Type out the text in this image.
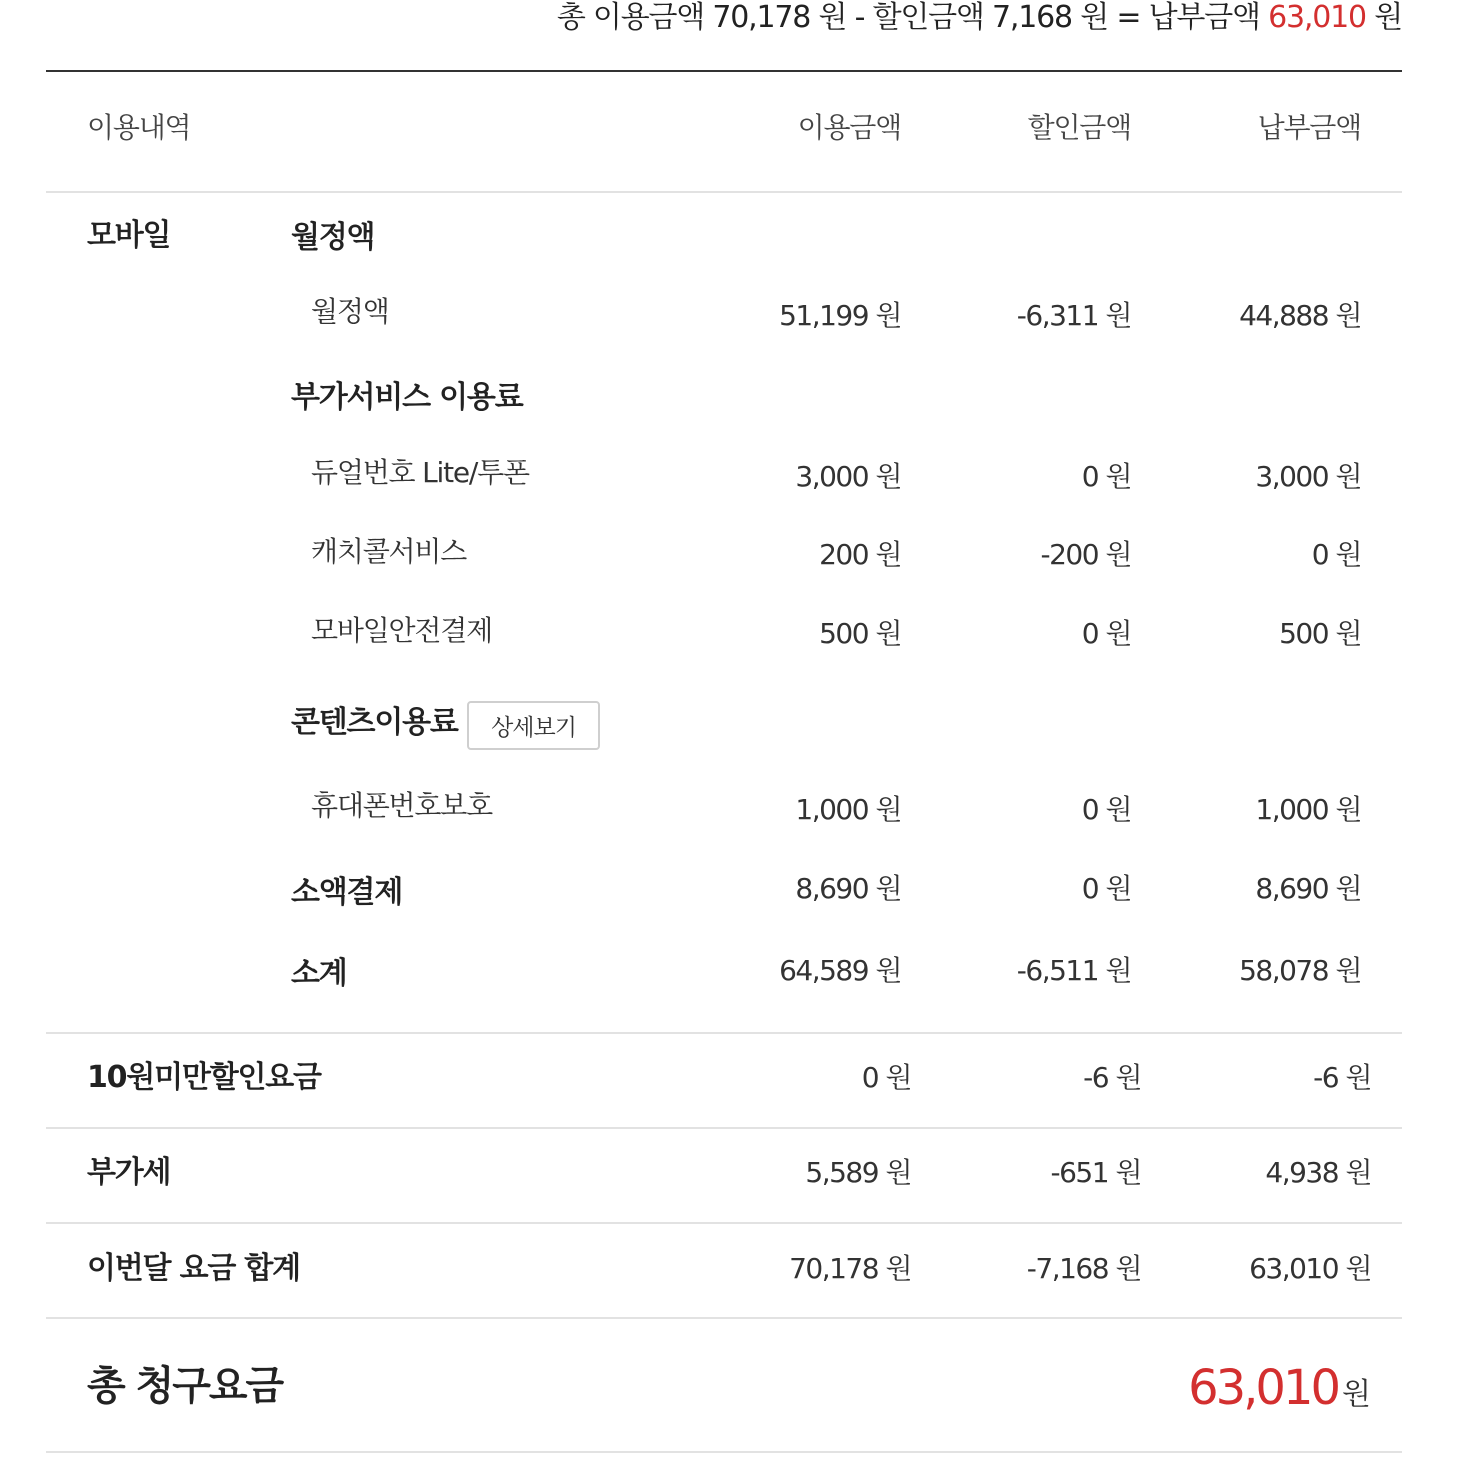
총 이용금액 70,178 원 - 할인금액 7,168 원 = 납부금액 63,010 원
이용내역	이용금액	할인금액	납부금액
모바일	월정액
월정액	51,199 원	-6,311 원	44,888 원
부가서비스 이용료
듀얼번호 Lite/투폰	3,000 원	0 원	3,000 원
캐치콜서비스	200 원	-200 원	0 원
모바일안전결제	500 원	0 원	500 원
콘텐츠이용료	상세보기
휴대폰번호보호	1,000 원	0 원	1,000 원
소액결제	8,690 원	0 원	8,690 원
소계	64,589 원	-6,511 원	58,078 원
10원미만할인요금	0 원	-6 원	-6 원
부가세	5,589 원	-651 원	4,938 원
이번달 요금 합계	70,178 원	-7,168 원	63,010 원
총 청구요금	63,010 원
